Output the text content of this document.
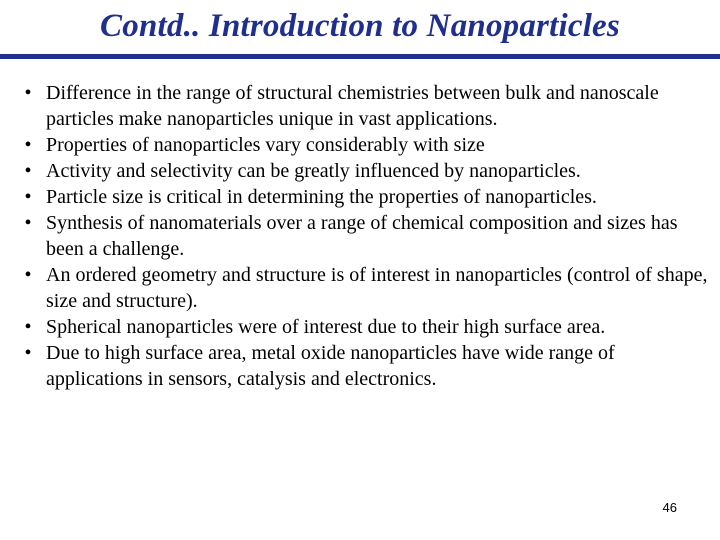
Contd.. Introduction to Nanoparticles
• Difference in the range of structural chemistries between bulk and nanoscale particles make nanoparticles unique in vast applications.
• Properties of nanoparticles vary considerably with size
• Activity and selectivity can be greatly influenced by nanoparticles.
• Particle size is critical in determining the properties of nanoparticles.
• Synthesis of nanomaterials over a range of chemical composition and sizes has been a challenge.
• An ordered geometry and structure is of interest in nanoparticles (control of shape, size and structure).
• Spherical nanoparticles were of interest due to their high surface area.
• Due to high surface area, metal oxide nanoparticles have wide range of applications in sensors, catalysis and electronics.
46
